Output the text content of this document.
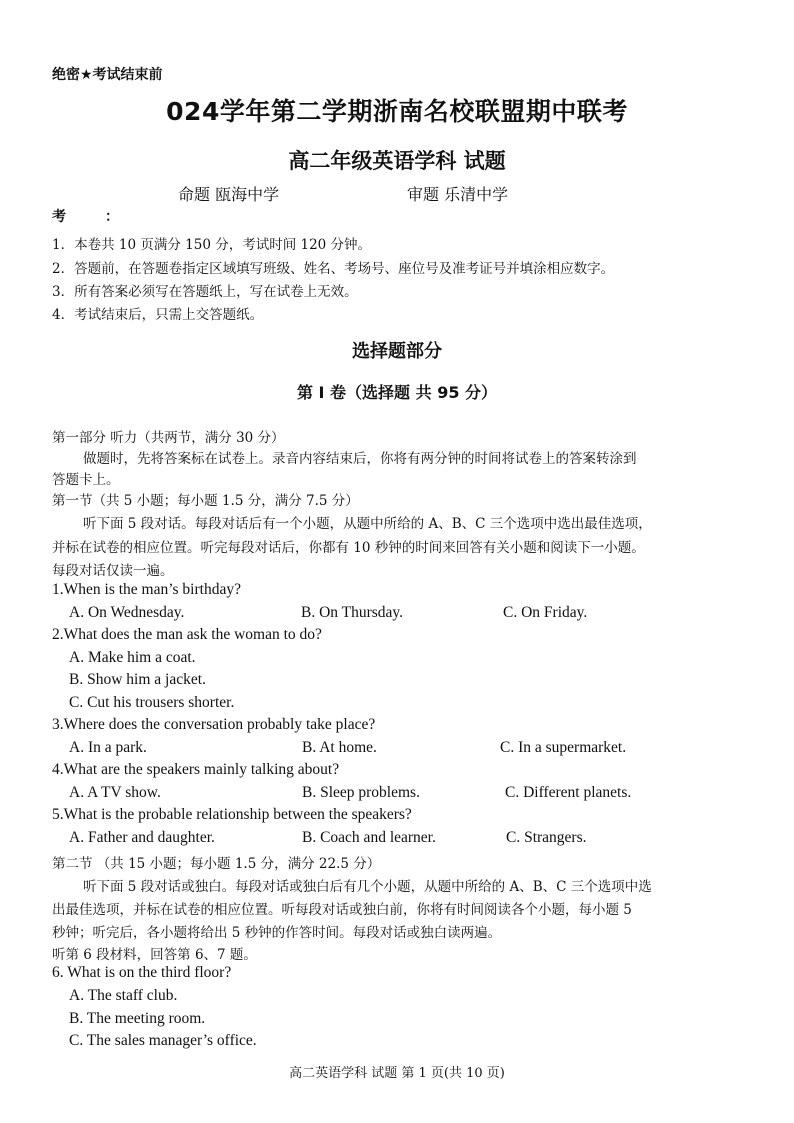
绝密★考试结束前
024学年第二学期浙南名校联盟期中联考
高二年级英语学科 试题
命题 瓯海中学	审题 乐清中学
考        ：
1．本卷共 10 页满分 150 分，考试时间 120 分钟。
2．答题前，在答题卷指定区域填写班级、姓名、考场号、座位号及准考证号并填涂相应数字。
3．所有答案必须写在答题纸上，写在试卷上无效。
4．考试结束后，只需上交答题纸。
选择题部分
第 I 卷（选择题 共 95 分）
第一部分 听力（共两节，满分 30 分）
做题时，先将答案标在试卷上。录音内容结束后，你将有两分钟的时间将试卷上的答案转涂到
答题卡上。
第一节（共 5 小题；每小题 1.5 分，满分 7.5 分）
听下面 5 段对话。每段对话后有一个小题，从题中所给的 A、B、C 三个选项中选出最佳选项，
并标在试卷的相应位置。听完每段对话后，你都有 10 秒钟的时间来回答有关小题和阅读下一小题。
每段对话仅读一遍。
1.When is the man’s birthday?
A. On Wednesday.	B. On Thursday.	C. On Friday.
2.What does the man ask the woman to do?
A. Make him a coat.
B. Show him a jacket.
C. Cut his trousers shorter.
3.Where does the conversation probably take place?
A. In a park.	B. At home.	C. In a supermarket.
4.What are the speakers mainly talking about?
A. A TV show.	B. Sleep problems.	C. Different planets.
5.What is the probable relationship between the speakers?
A. Father and daughter.	B. Coach and learner.	C. Strangers.
第二节 （共 15 小题；每小题 1.5 分，满分 22.5 分）
听下面 5 段对话或独白。每段对话或独白后有几个小题，从题中所给的 A、B、C 三个选项中选
出最佳选项，并标在试卷的相应位置。听每段对话或独白前，你将有时间阅读各个小题，每小题 5
秒钟；听完后，各小题将给出 5 秒钟的作答时间。每段对话或独白读两遍。
听第 6 段材料，回答第 6、7 题。
6. What is on the third floor?
A. The staff club.
B. The meeting room.
C. The sales manager’s office.
高二英语学科 试题 第 1 页(共 10 页)
